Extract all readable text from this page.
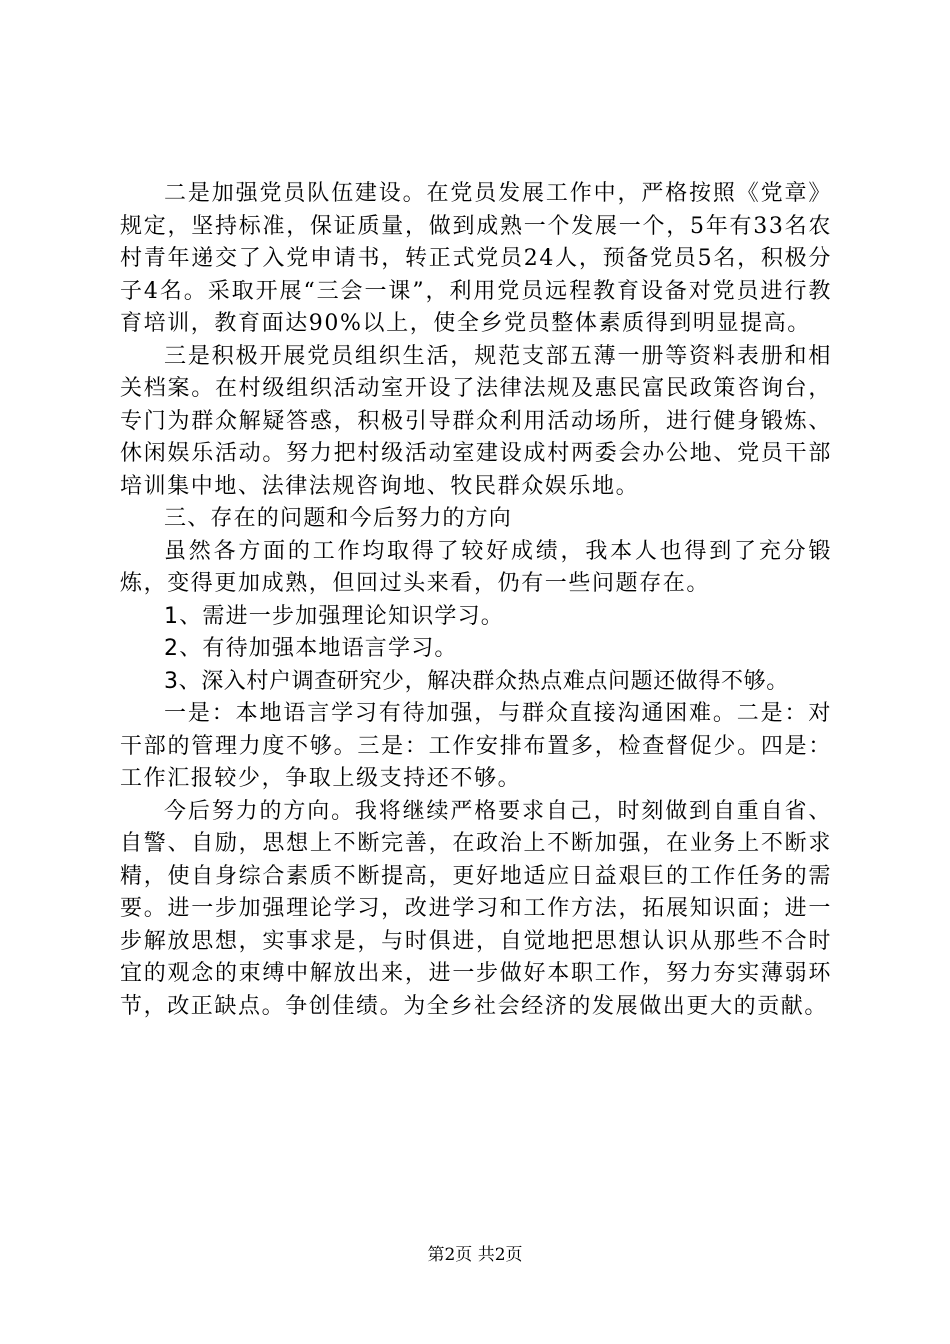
二是加强党员队伍建设。在党员发展工作中，严格按照《党章》规定，坚持标准，保证质量，做到成熟一个发展一个，5年有33名农村青年递交了入党申请书，转正式党员24人，预备党员5名，积极分子4名。采取开展“三会一课”，利用党员远程教育设备对党员进行教育培训，教育面达90%以上，使全乡党员整体素质得到明显提高。

三是积极开展党员组织生活，规范支部五薄一册等资料表册和相关档案。在村级组织活动室开设了法律法规及惠民富民政策咨询台，专门为群众解疑答惑，积极引导群众利用活动场所，进行健身锻炼、休闲娱乐活动。努力把村级活动室建设成村两委会办公地、党员干部培训集中地、法律法规咨询地、牧民群众娱乐地。

三、存在的问题和今后努力的方向

虽然各方面的工作均取得了较好成绩，我本人也得到了充分锻炼，变得更加成熟，但回过头来看，仍有一些问题存在。

1、需进一步加强理论知识学习。

2、有待加强本地语言学习。

3、深入村户调查研究少，解决群众热点难点问题还做得不够。

一是：本地语言学习有待加强，与群众直接沟通困难。二是：对干部的管理力度不够。三是：工作安排布置多，检查督促少。四是：工作汇报较少，争取上级支持还不够。

今后努力的方向。我将继续严格要求自己，时刻做到自重自省、自警、自励，思想上不断完善，在政治上不断加强，在业务上不断求精，使自身综合素质不断提高，更好地适应日益艰巨的工作任务的需要。进一步加强理论学习，改进学习和工作方法，拓展知识面；进一步解放思想，实事求是，与时俱进，自觉地把思想认识从那些不合时宜的观念的束缚中解放出来，进一步做好本职工作，努力夯实薄弱环节，改正缺点。争创佳绩。为全乡社会经济的发展做出更大的贡献。

第2页 共2页
